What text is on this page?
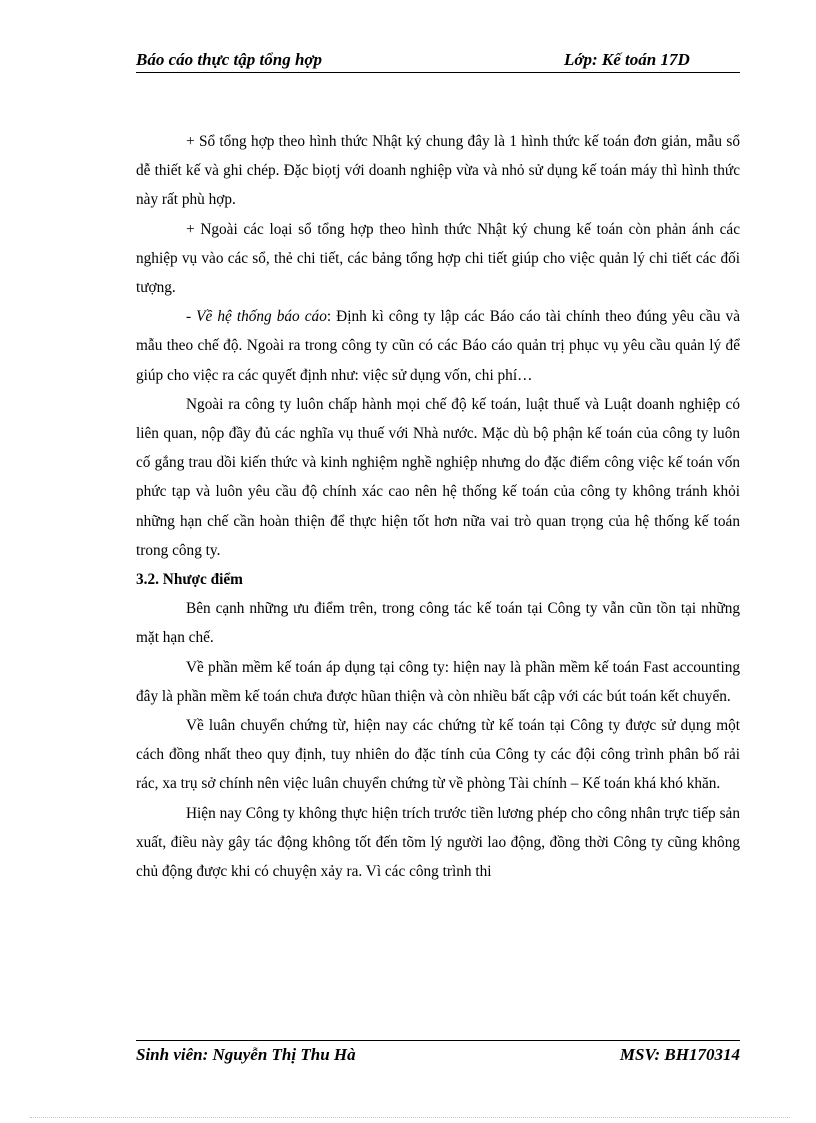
Báo cáo thực tập tổng hợp	Lớp: Kế toán 17D

+ Sổ tổng hợp theo hình thức Nhật ký chung đây là 1 hình thức kế toán đơn giản, mẫu sổ dễ thiết kế và ghi chép. Đặc biọtj với doanh nghiệp vừa và nhỏ sử dụng kế toán máy thì hình thức này rất phù hợp.

+ Ngoài các loại sổ tổng hợp theo hình thức Nhật ký chung kế toán còn phản ánh các nghiệp vụ vào các sổ, thẻ chi tiết, các bảng tổng hợp chi tiết giúp cho việc quản lý chi tiết các đối tượng.

- Về hệ thống báo cáo: Định kì công ty lập các Báo cáo tài chính theo đúng yêu cầu và mẫu theo chế độ. Ngoài ra trong công ty cũn có các Báo cáo quản trị phục vụ yêu cầu quản lý để giúp cho việc ra các quyết định như: việc sử dụng vốn, chi phí…

Ngoài ra công ty luôn chấp hành mọi chế độ kế toán, luật thuế và Luật doanh nghiệp có liên quan, nộp đầy đủ các nghĩa vụ thuế với Nhà nước. Mặc dù bộ phận kế toán của công ty luôn cố gắng trau dồi kiến thức và kinh nghiệm nghề nghiệp nhưng do đặc điểm công việc kế toán vốn phức tạp và luôn yêu cầu độ chính xác cao nên hệ thống kế toán của công ty không tránh khỏi những hạn chế cần hoàn thiện để thực hiện tốt hơn nữa vai trò quan trọng của hệ thống kế toán trong công ty.

3.2. Nhược điểm

Bên cạnh những ưu điểm trên, trong công tác kế toán tại Công ty vẫn cũn tồn tại những mặt hạn chế.

Về phần mềm kế toán áp dụng tại công ty: hiện nay là phần mềm kế toán Fast accounting đây là phần mềm kế toán chưa được hũan thiện và còn nhiều bất cập với các bút toán kết chuyển.

Về luân chuyển chứng từ, hiện nay các chứng từ kế toán tại Công ty được sử dụng một cách đồng nhất theo quy định, tuy nhiên do đặc tính của Công ty các đội công trình phân bố rải rác, xa trụ sở chính nên việc luân chuyển chứng từ về phòng Tài chính – Kế toán khá khó khăn.

Hiện nay Công ty không thực hiện trích trước tiền lương phép cho công nhân trực tiếp sản xuất, điều này gây tác động không tốt đến tõm lý người lao động, đồng thời Công ty cũng không chủ động được khi có chuyện xảy ra. Vì các công trình thi

Sinh viên: Nguyễn Thị Thu Hà	MSV: BH170314
